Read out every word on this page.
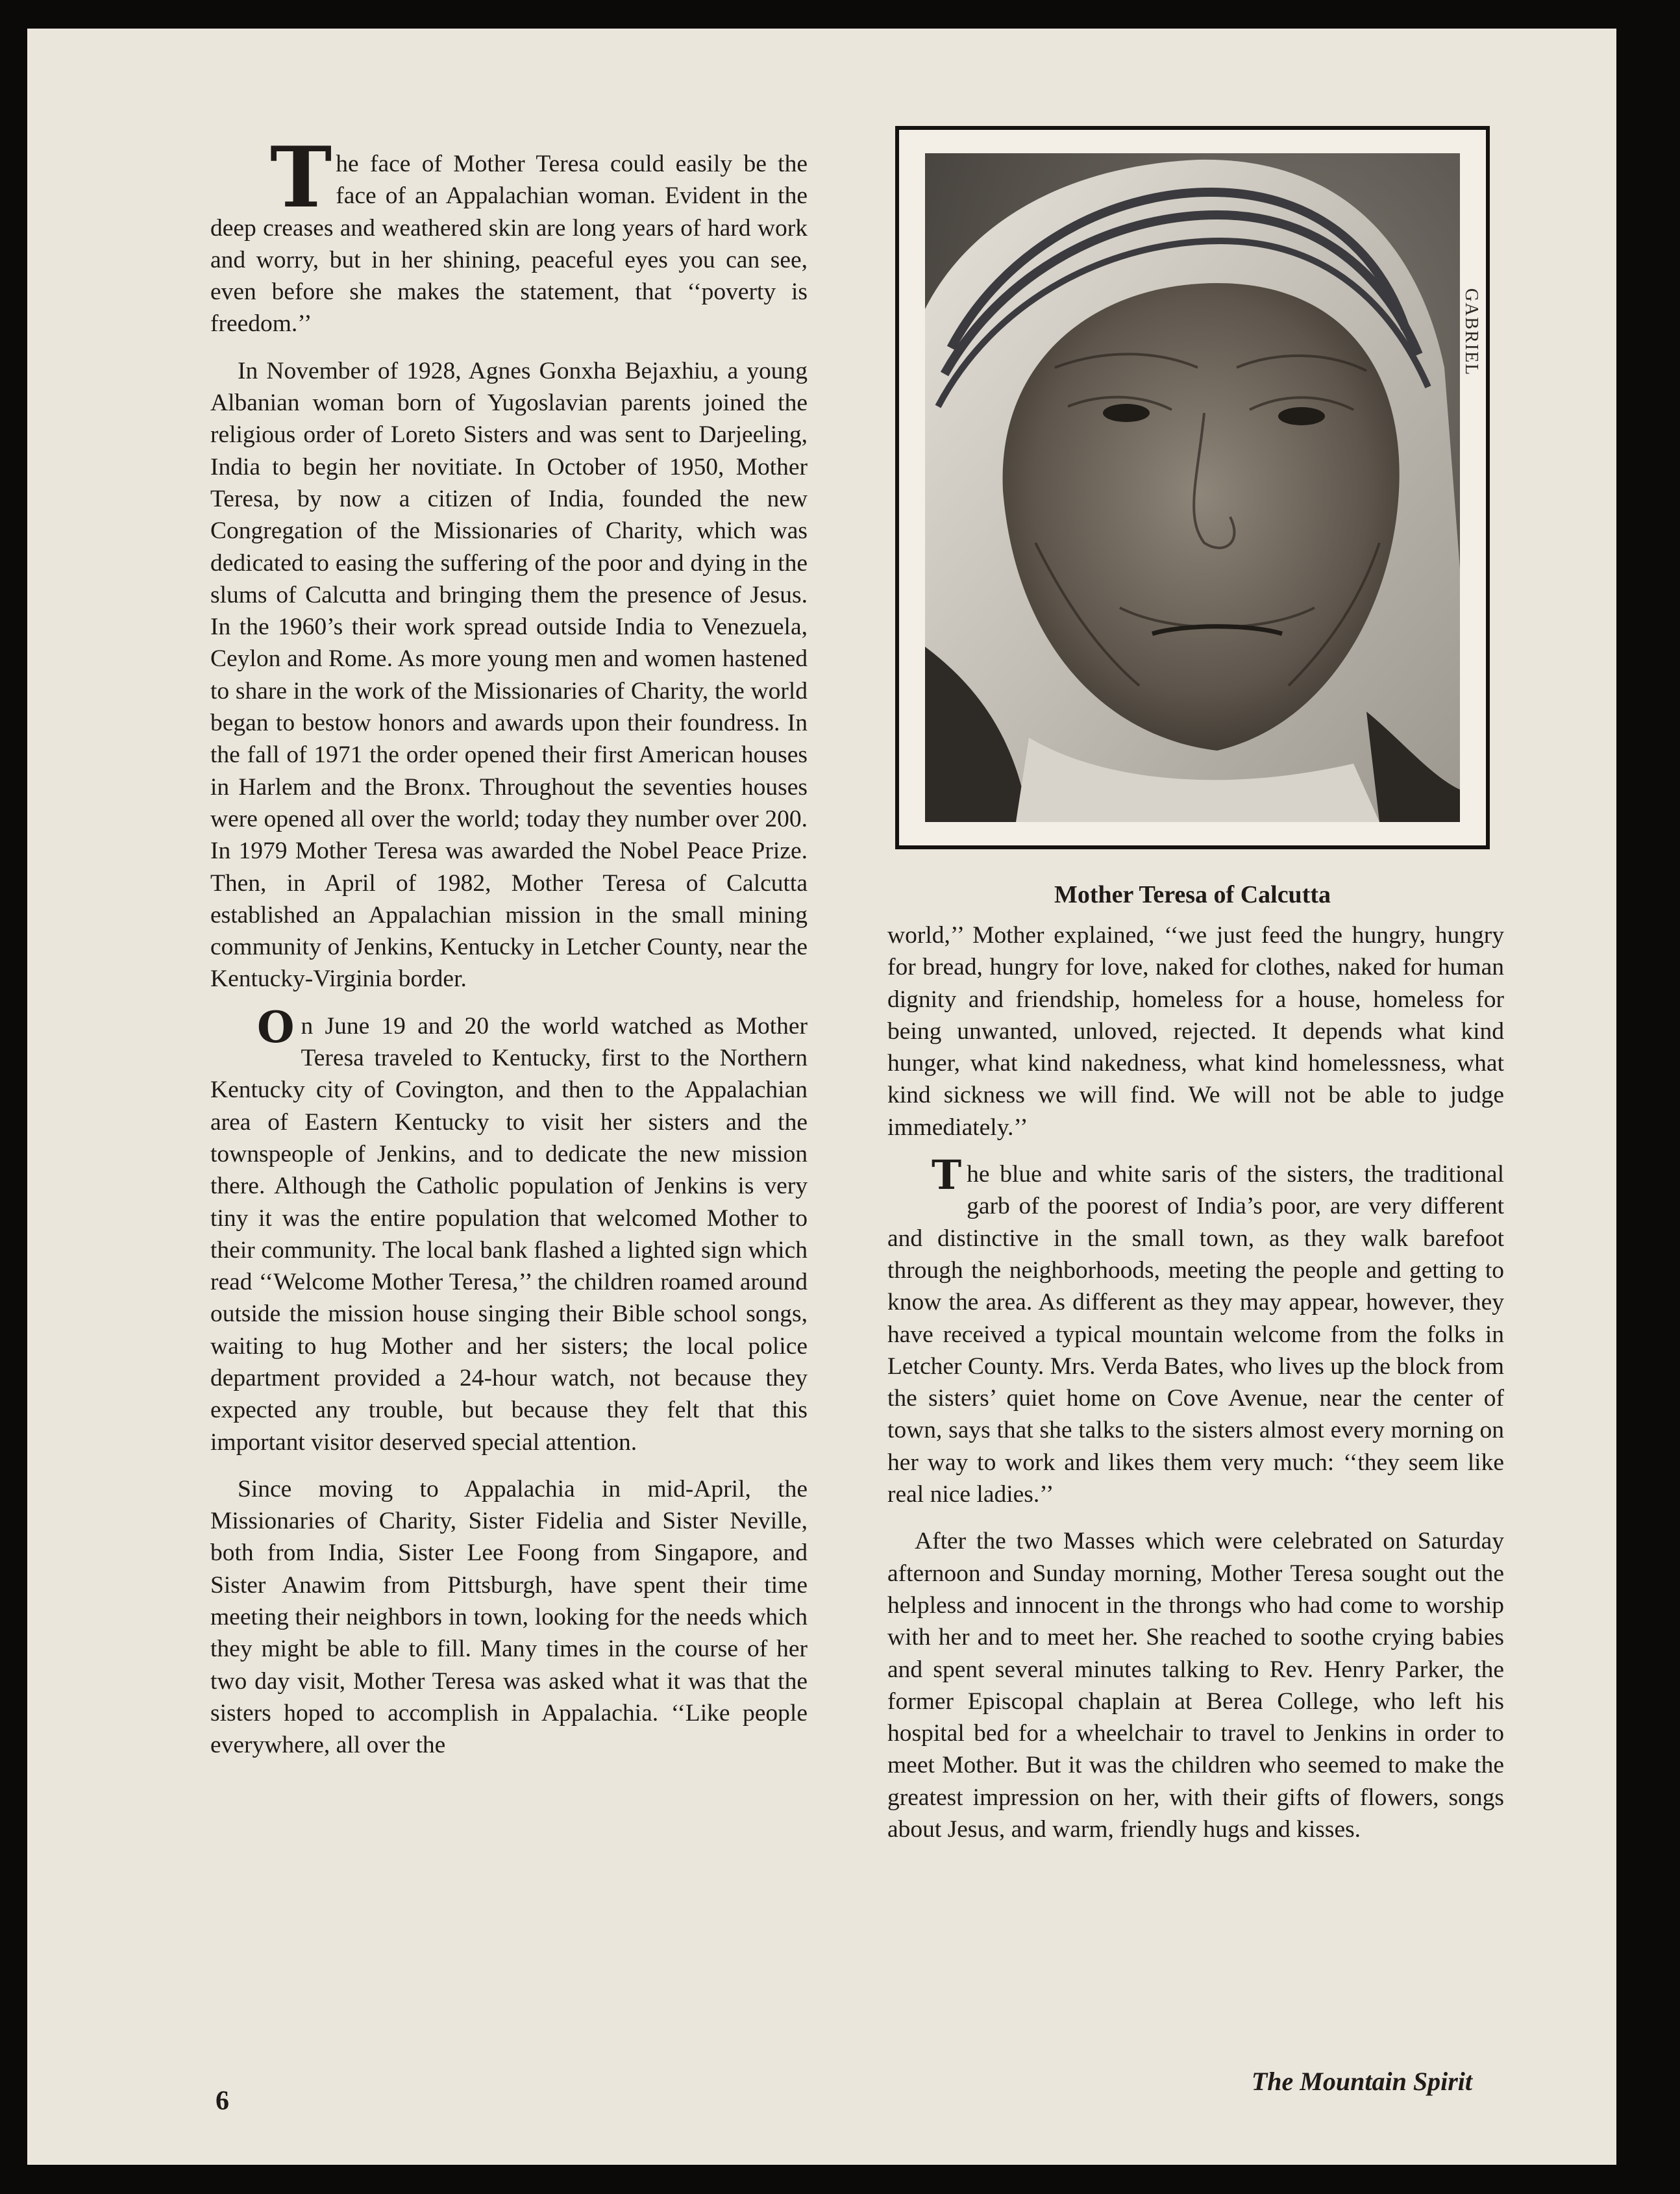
The face of Mother Teresa could easily be the face of an Appalachian woman. Evident in the deep creases and weathered skin are long years of hard work and worry, but in her shining, peaceful eyes you can see, even before she makes the statement, that ‘‘poverty is freedom.’’

In November of 1928, Agnes Gonxha Bejaxhiu, a young Albanian woman born of Yugoslavian parents joined the religious order of Loreto Sisters and was sent to Darjeeling, India to begin her novitiate. In October of 1950, Mother Teresa, by now a citizen of India, founded the new Congregation of the Missionaries of Charity, which was dedicated to easing the suffering of the poor and dying in the slums of Calcutta and bringing them the presence of Jesus. In the 1960’s their work spread outside India to Venezuela, Ceylon and Rome. As more young men and women hastened to share in the work of the Missionaries of Charity, the world began to bestow honors and awards upon their foundress. In the fall of 1971 the order opened their first American houses in Harlem and the Bronx. Throughout the seventies houses were opened all over the world; today they number over 200. In 1979 Mother Teresa was awarded the Nobel Peace Prize. Then, in April of 1982, Mother Teresa of Calcutta established an Appalachian mission in the small mining community of Jenkins, Kentucky in Letcher County, near the Kentucky-Virginia border.

On June 19 and 20 the world watched as Mother Teresa traveled to Kentucky, first to the Northern Kentucky city of Covington, and then to the Appalachian area of Eastern Kentucky to visit her sisters and the townspeople of Jenkins, and to dedicate the new mission there. Although the Catholic population of Jenkins is very tiny it was the entire population that welcomed Mother to their community. The local bank flashed a lighted sign which read ‘‘Welcome Mother Teresa,’’ the children roamed around outside the mission house singing their Bible school songs, waiting to hug Mother and her sisters; the local police department provided a 24-hour watch, not because they expected any trouble, but because they felt that this important visitor deserved special attention.

Since moving to Appalachia in mid-April, the Missionaries of Charity, Sister Fidelia and Sister Neville, both from India, Sister Lee Foong from Singapore, and Sister Anawim from Pittsburgh, have spent their time meeting their neighbors in town, looking for the needs which they might be able to fill. Many times in the course of her two day visit, Mother Teresa was asked what it was that the sisters hoped to accomplish in Appalachia. ‘‘Like people everywhere, all over the

GABRIEL
Mother Teresa of Calcutta

world,’’ Mother explained, ‘‘we just feed the hungry, hungry for bread, hungry for love, naked for clothes, naked for human dignity and friendship, homeless for a house, homeless for being unwanted, unloved, rejected. It depends what kind hunger, what kind nakedness, what kind homelessness, what kind sickness we will find. We will not be able to judge immediately.’’

The blue and white saris of the sisters, the traditional garb of the poorest of India’s poor, are very different and distinctive in the small town, as they walk barefoot through the neighborhoods, meeting the people and getting to know the area. As different as they may appear, however, they have received a typical mountain welcome from the folks in Letcher County. Mrs. Verda Bates, who lives up the block from the sisters’ quiet home on Cove Avenue, near the center of town, says that she talks to the sisters almost every morning on her way to work and likes them very much: ‘‘they seem like real nice ladies.’’

After the two Masses which were celebrated on Saturday afternoon and Sunday morning, Mother Teresa sought out the helpless and innocent in the throngs who had come to worship with her and to meet her. She reached to soothe crying babies and spent several minutes talking to Rev. Henry Parker, the former Episcopal chaplain at Berea College, who left his hospital bed for a wheelchair to travel to Jenkins in order to meet Mother. But it was the children who seemed to make the greatest impression on her, with their gifts of flowers, songs about Jesus, and warm, friendly hugs and kisses.

6
The Mountain Spirit
